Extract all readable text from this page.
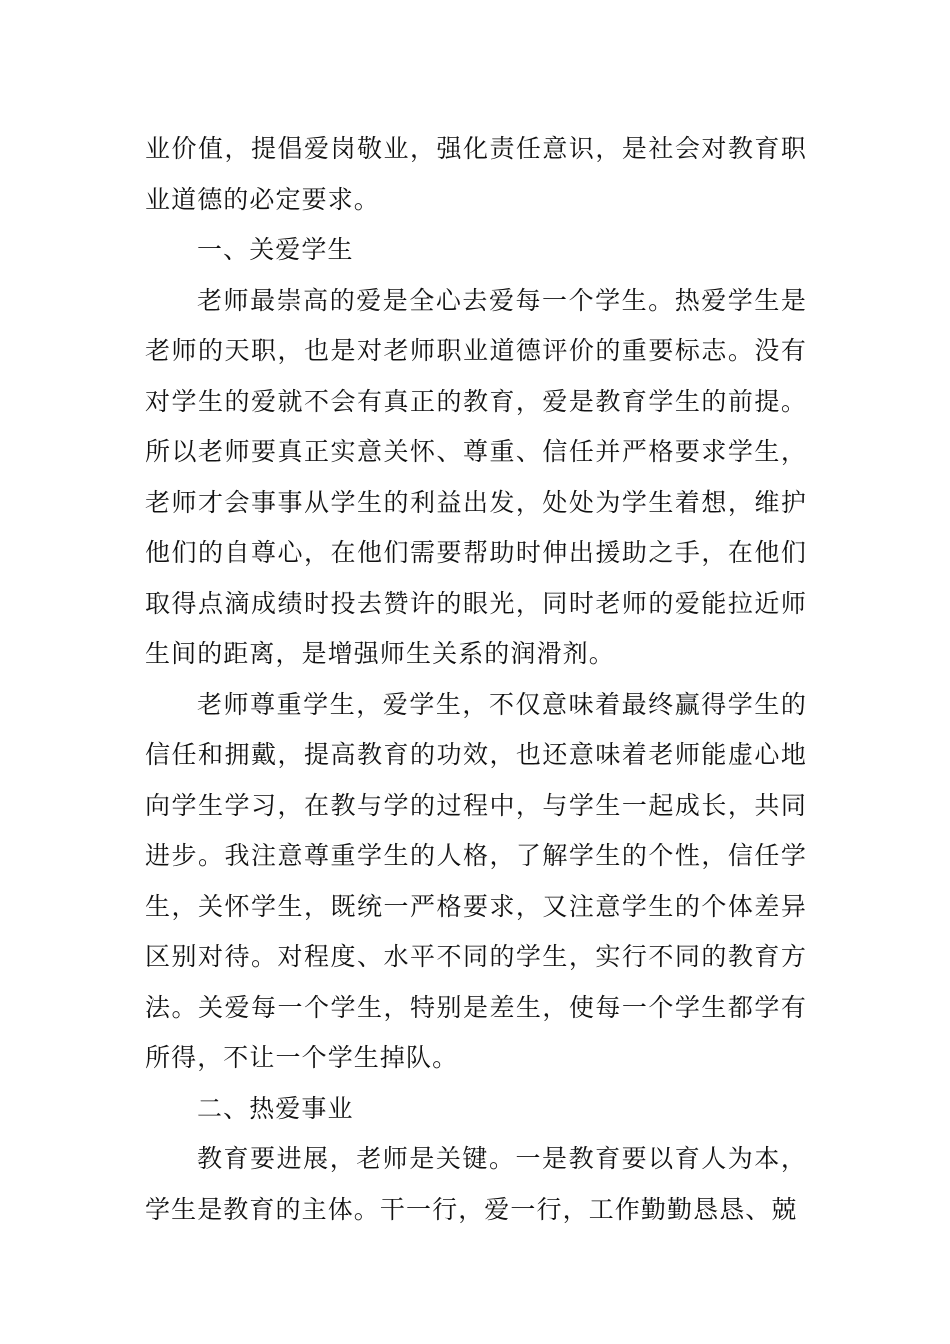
业价值，提倡爱岗敬业，强化责任意识，是社会对教育职业道德的必定要求。

一、关爱学生

老师最崇高的爱是全心去爱每一个学生。热爱学生是老师的天职，也是对老师职业道德评价的重要标志。没有对学生的爱就不会有真正的教育，爱是教育学生的前提。所以老师要真正实意关怀、尊重、信任并严格要求学生，老师才会事事从学生的利益出发，处处为学生着想，维护他们的自尊心，在他们需要帮助时伸出援助之手，在他们取得点滴成绩时投去赞许的眼光，同时老师的爱能拉近师生间的距离，是增强师生关系的润滑剂。

老师尊重学生，爱学生，不仅意味着最终赢得学生的信任和拥戴，提高教育的功效，也还意味着老师能虚心地向学生学习，在教与学的过程中，与学生一起成长，共同进步。我注意尊重学生的人格，了解学生的个性，信任学生，关怀学生，既统一严格要求，又注意学生的个体差异区别对待。对程度、水平不同的学生，实行不同的教育方法。关爱每一个学生，特别是差生，使每一个学生都学有所得，不让一个学生掉队。

二、热爱事业

教育要进展，老师是关键。一是教育要以育人为本，学生是教育的主体。干一行，爱一行，工作勤勤恳恳、兢
